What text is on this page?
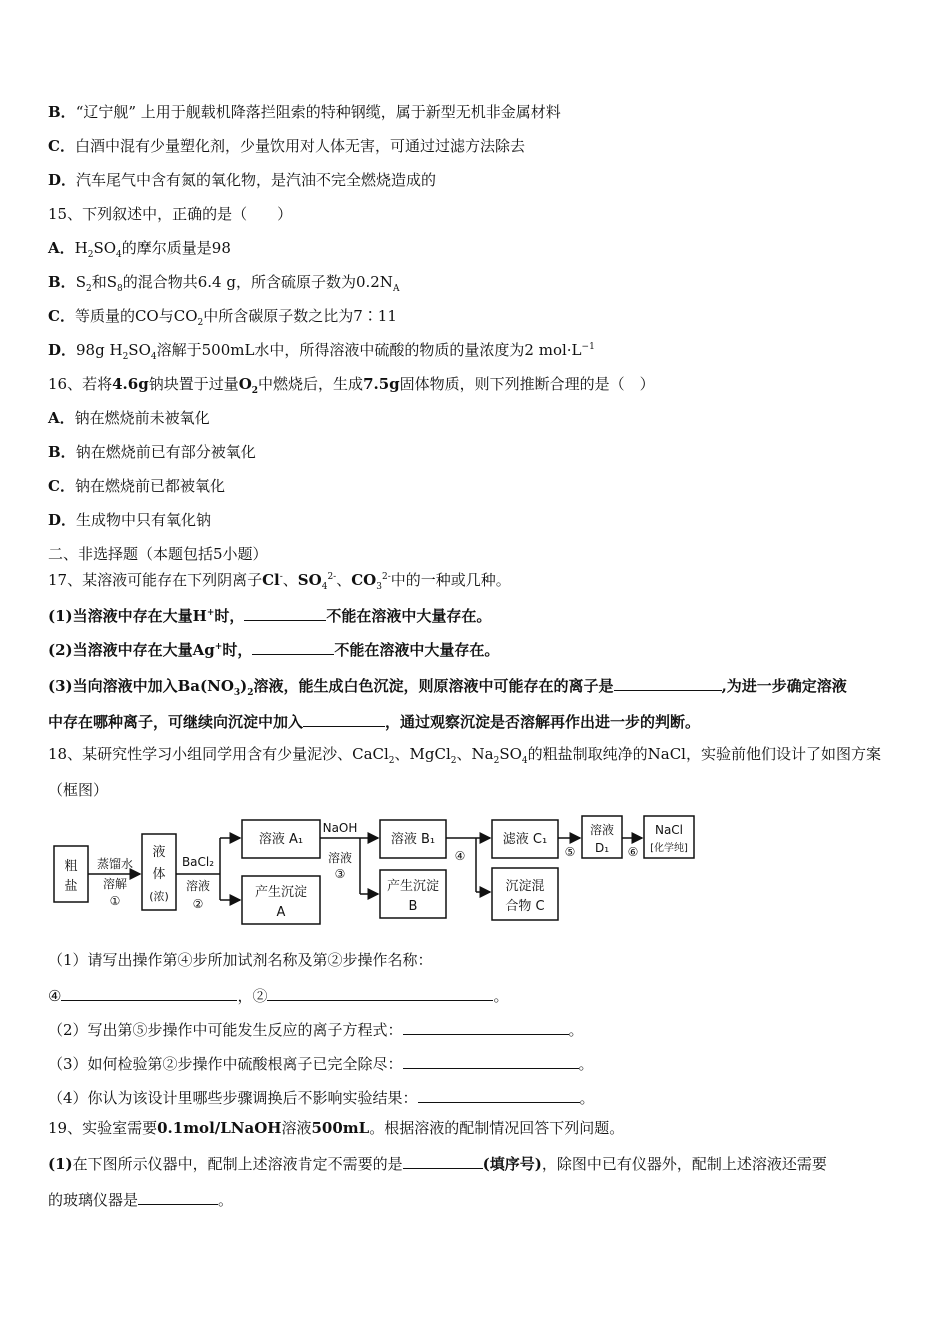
B．“辽宁舰” 上用于舰载机降落拦阻索的特种钢缆，属于新型无机非金属材料
C．白酒中混有少量塑化剂，少量饮用对人体无害，可通过过滤方法除去
D．汽车尾气中含有氮的氧化物，是汽油不完全燃烧造成的
15、下列叙述中，正确的是（　　）
A．$H_2SO_4$的摩尔质量是98
B．$S_2$和$S_8$的混合物共6.4 g，所含硫原子数为$0.2N_A$
C．等质量的CO与$CO_2$中所含碳原子数之比为7∶11
D．98g $H_2SO_4$溶解于500mL水中，所得溶液中硫酸的物质的量浓度为2 $mol\cdot L^{-1}$
16、若将4.6g钠块置于过量$O_2$中燃烧后，生成7.5g固体物质，则下列推断合理的是（　）
A．钠在燃烧前未被氧化
B．钠在燃烧前已有部分被氧化
C．钠在燃烧前已都被氧化
D．生成物中只有氧化钠
二、非选择题（本题包括5小题）
17、某溶液可能存在下列阴离子Cl-、$SO_4^{2-}$、$CO_3^{2-}$中的一种或几种。
(1)当溶液中存在大量H+时，	不能在溶液中大量存在。
(2)当溶液中存在大量Ag+时，	不能在溶液中大量存在。
(3)当向溶液中加入$Ba(NO_3)_2$溶液，能生成白色沉淀，则原溶液中可能存在的离子是	,为进一步确定溶液
中存在哪种离子，可继续向沉淀中加入	，通过观察沉淀是否溶解再作出进一步的判断。
18、某研究性学习小组同学用含有少量泥沙、CaCl$_2$、MgCl$_2$、$Na_2SO_4$的粗盐制取纯净的NaCl，实验前他们设计了如图方案
（框图）
粗
盐
蒸馏水
溶解
①
液
体
(浓)
BaCl₂
溶液
②
溶液 A₁
产生沉淀
A
NaOH
溶液
③
溶液 B₁
产生沉淀
B
④
滤液 C₁
沉淀混
合物 C
⑤
溶液
D₁ ⑥
NaCl
[化学纯]
（1）请写出操作第④步所加试剂名称及第②步操作名称：
④	，②	。
（2）写出第⑤步操作中可能发生反应的离子方程式：	。
（3）如何检验第②步操作中硫酸根离子已完全除尽：	。
（4）你认为该设计里哪些步骤调换后不影响实验结果：	。
19、实验室需要0.1mol/LNaOH溶液500mL。根据溶液的配制情况回答下列问题。
(1)在下图所示仪器中，配制上述溶液肯定不需要的是	(填序号)，除图中已有仪器外，配制上述溶液还需要
的玻璃仪器是	。
